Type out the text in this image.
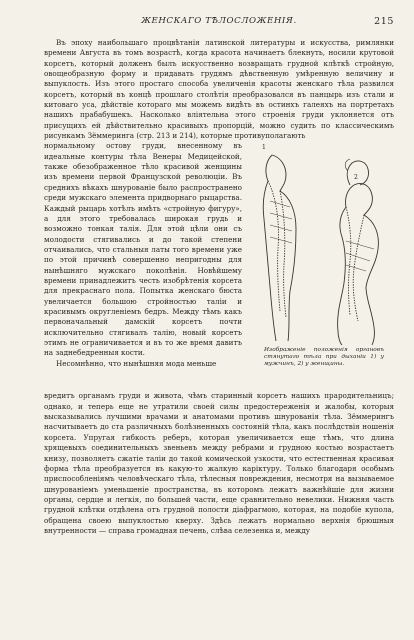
ЖЕНСКАГО ТѢЛОСЛОЖЕНІЯ.	215

Въ эпоху наибольшаго процвѣтанія латинской литературы и искусства, римлянки времени Августа въ томъ возрастѣ, когда красота начинаетъ блекнуть, носили крутовой корсетъ, который долженъ былъ искусственно возвращать грудной клѣткѣ стройную, овощеобразную форму и придавать грудямъ дѣвственную умѣренную величину и выпуклость. Изъ этого простаго способа увеличенія красоты женскаго тѣла развился корсетъ, который въ концѣ прошлаго столѣтія преобразовался въ панцырь изъ стали и китоваго уса, дѣйствіе котораго мы можемъ видѣть въ остинхъ галеяхъ на портретахъ нашихъ прабабушекъ. Насколько вліятельна этого строенія груди уклоняется отъ присущихъ ей дѣйствительно красивыхъ пропорцій, можно судить по классическимъ рисункамъ Зёммеринга (стр. 213 и 214), которые противуполагають

нормальному остову груди, внесенному въ идеальные контуры тѣла Венеры Медицейской, также обезображенное тѣло красивой женщины изъ времени первой Французской революціи. Въ среднихъ вѣкахъ шнурованіе было распространено среди мужскаго элемента придворнаго рыцарства. Каждый рыцарь хотѣлъ имѣть «стройную фигуру», а для этого требовалась широкая грудь и возможно тонкая талія. Для этой цѣли они съ молодости стягивались и до такой степени отчаивались, что стальныя латы того времени уже по этой причинѣ совершенно непригодны для нынѣшняго мужскаго поколѣнія. Новѣйшему времени принадлежитъ честь изобрѣтенія корсета для прекраснаго пола. Попытка женскаго бюста увеличается большою стройностью таліи и красивымъ округленіемъ бедръ. Между тѣмъ какъ первоначальный дамскій корсетъ почти исключительно стягивалъ талію, новый корсетъ этимъ не ограничивается и въ то же время давитъ на заднебедренныя кости.

Несомнѣнно, что нынѣшняя мода меньше

1
2
Изображеніе положенія органовъ стянутаго тѣла при дыханіи 1) у мужчинъ, 2) у женщины.

вредитъ органамъ груди и живота, чѣмъ старинный корсетъ нашихъ прародительницъ; однако, и теперь еще не утратили своей силы предостереженія и жалобы, которыя высказывались лучшими врачами и анатомами противъ шнурованія тѣла. Зёммерингъ насчитываетъ до ста различныхъ болѣзненныхъ состояній тѣла, какъ послѣдствія ношенія корсета. Упругая гибкость реберъ, которая увеличивается еще тѣмъ, что длина хрящевыхъ соединительныхъ звеньевъ между ребрами и грудною костью возрастаетъ книзу, позволяетъ сжатіе таліи до такой комической узкости, что естественная красивая форма тѣла преобразуется въ какую-то жалкую каріктуру. Только благодаря особымъ приспособленіямъ человѣческаго тѣла, тѣлесныя повреждения, несмотря на вызываемое шнурованіемъ уменьшеніе пространства, въ которомъ лежатъ важнѣйшіе для жизни органы, сердце и легкія, по большей части, еще сравнительно невелики. Нижняя часть грудной клѣтки отдѣлена отъ грудной полости діафрагмою, которая, на подобіе купола, обращена своею выпуклостью кверху. Здѣсь лежатъ нормально верхнія брюшныя внутренности — справа громадная печень, слѣва селезенка и, между
